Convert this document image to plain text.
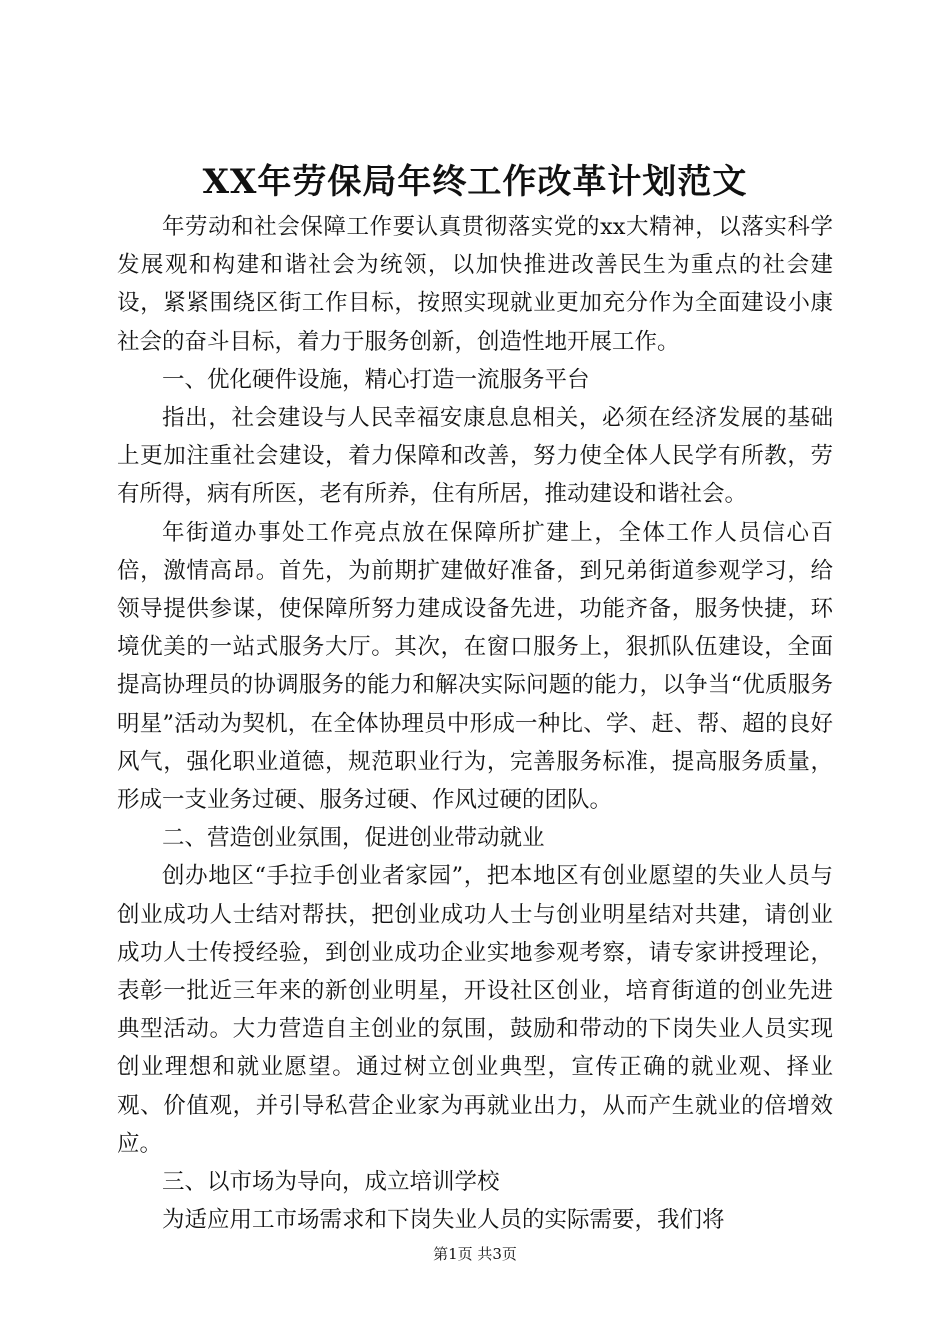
XX年劳保局年终工作改革计划范文

年劳动和社会保障工作要认真贯彻落实党的xx大精神，以落实科学发展观和构建和谐社会为统领，以加快推进改善民生为重点的社会建设，紧紧围绕区街工作目标，按照实现就业更加充分作为全面建设小康社会的奋斗目标，着力于服务创新，创造性地开展工作。

一、优化硬件设施，精心打造一流服务平台

指出，社会建设与人民幸福安康息息相关，必须在经济发展的基础上更加注重社会建设，着力保障和改善，努力使全体人民学有所教，劳有所得，病有所医，老有所养，住有所居，推动建设和谐社会。

年街道办事处工作亮点放在保障所扩建上，全体工作人员信心百倍，激情高昂。首先，为前期扩建做好准备，到兄弟街道参观学习，给领导提供参谋，使保障所努力建成设备先进，功能齐备，服务快捷，环境优美的一站式服务大厅。其次，在窗口服务上，狠抓队伍建设，全面提高协理员的协调服务的能力和解决实际问题的能力，以争当“优质服务明星”活动为契机，在全体协理员中形成一种比、学、赶、帮、超的良好风气，强化职业道德，规范职业行为，完善服务标准，提高服务质量，形成一支业务过硬、服务过硬、作风过硬的团队。

二、营造创业氛围，促进创业带动就业

创办地区“手拉手创业者家园”，把本地区有创业愿望的失业人员与创业成功人士结对帮扶，把创业成功人士与创业明星结对共建，请创业成功人士传授经验，到创业成功企业实地参观考察，请专家讲授理论，表彰一批近三年来的新创业明星，开设社区创业，培育街道的创业先进典型活动。大力营造自主创业的氛围，鼓励和带动的下岗失业人员实现创业理想和就业愿望。通过树立创业典型，宣传正确的就业观、择业观、价值观，并引导私营企业家为再就业出力，从而产生就业的倍增效应。

三、以市场为导向，成立培训学校

为适应用工市场需求和下岗失业人员的实际需要，我们将

第1页 共3页
